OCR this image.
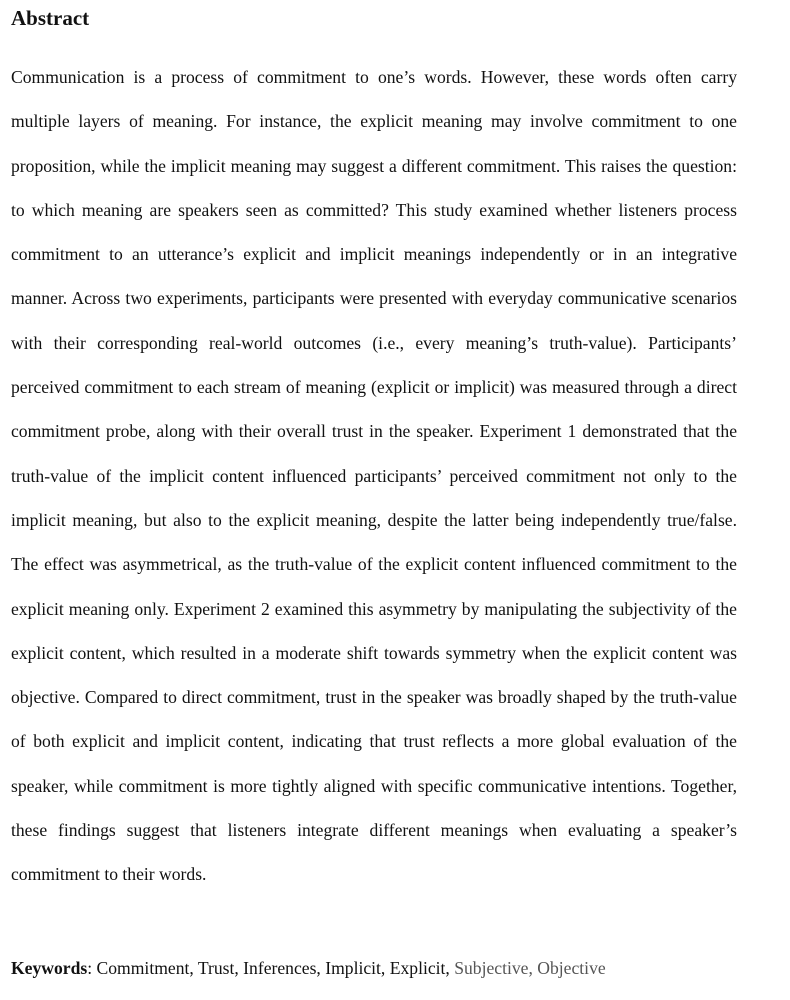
Abstract

Communication is a process of commitment to one’s words. However, these words often carry multiple layers of meaning. For instance, the explicit meaning may involve commitment to one proposition, while the implicit meaning may suggest a different commitment. This raises the question: to which meaning are speakers seen as committed? This study examined whether listeners process commitment to an utterance’s explicit and implicit meanings independently or in an integrative manner. Across two experiments, participants were presented with everyday communicative scenarios with their corresponding real-world outcomes (i.e., every meaning’s truth-value). Participants’ perceived commitment to each stream of meaning (explicit or implicit) was measured through a direct commitment probe, along with their overall trust in the speaker. Experiment 1 demonstrated that the truth-value of the implicit content influenced participants’ perceived commitment not only to the implicit meaning, but also to the explicit meaning, despite the latter being independently true/false. The effect was asymmetrical, as the truth-value of the explicit content influenced commitment to the explicit meaning only. Experiment 2 examined this asymmetry by manipulating the subjectivity of the explicit content, which resulted in a moderate shift towards symmetry when the explicit content was objective. Compared to direct commitment, trust in the speaker was broadly shaped by the truth-value of both explicit and implicit content, indicating that trust reflects a more global evaluation of the speaker, while commitment is more tightly aligned with specific communicative intentions. Together, these findings suggest that listeners integrate different meanings when evaluating a speaker’s commitment to their words.

Keywords: Commitment, Trust, Inferences, Implicit, Explicit, Subjective, Objective
